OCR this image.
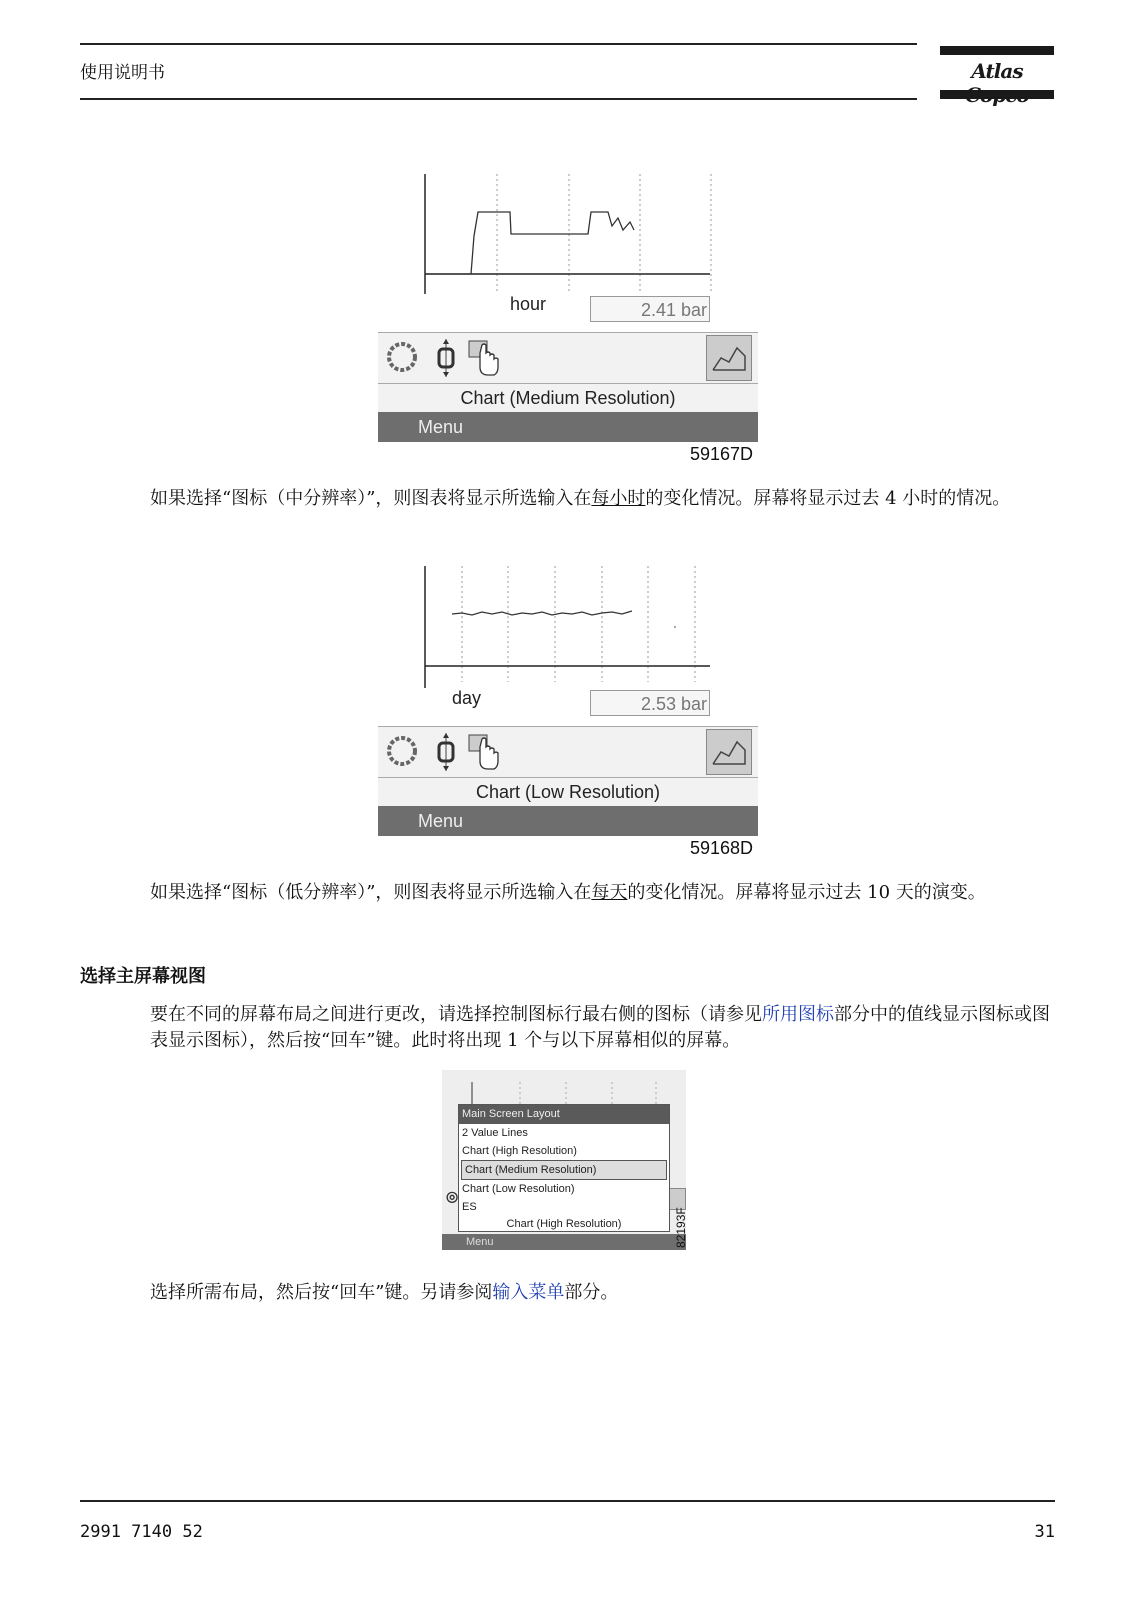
使用说明书	Atlas
hour	2.41 bar
Chart (Medium Resolution)
Menu
59167D
如果选择“图标（中分辨率）”，则图表将显示所选输入在每小时的变化情况。屏幕将显示过去 4 小时的情况。
day	2.53 bar
Chart (Low Resolution)
Menu
59168D
如果选择“图标（低分辨率）”，则图表将显示所选输入在每天的变化情况。屏幕将显示过去 10 天的演变。
选择主屏幕视图
要在不同的屏幕布局之间进行更改，请选择控制图标行最右侧的图标（请参见所用图标部分中的值线显示图标或图表显示图标），然后按“回车”键。此时将出现 1 个与以下屏幕相似的屏幕。
◎
Main Screen Layout
2 Value Lines
Chart (High Resolution)
Chart (Medium Resolution)
Chart (Low Resolution)
ES
Chart (High Resolution)
Menu	82193F
选择所需布局，然后按“回车”键。另请参阅输入菜单部分。
2991 7140 52	31
